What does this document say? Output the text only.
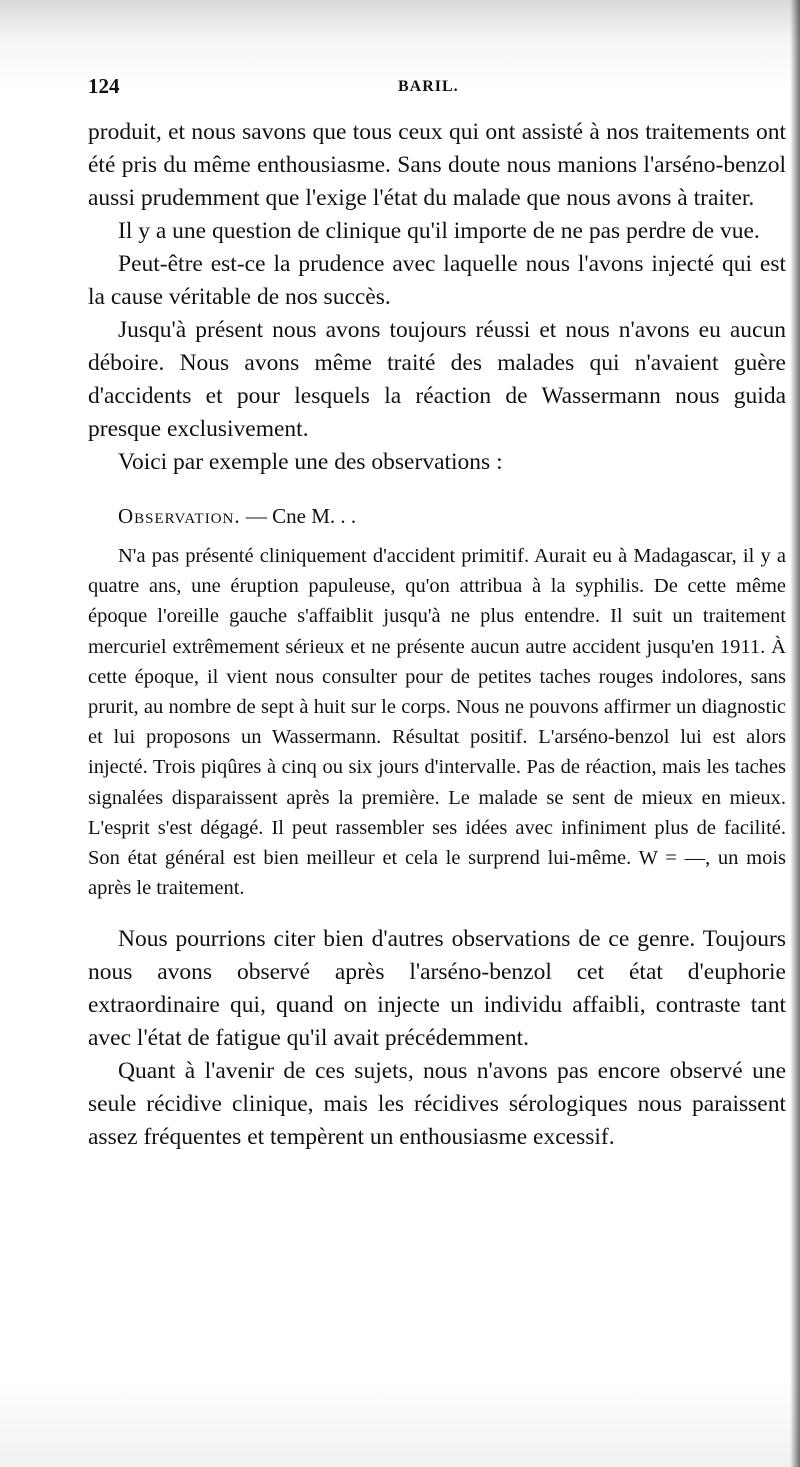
124	BARIL.

produit, et nous savons que tous ceux qui ont assisté à nos traitements ont été pris du même enthousiasme. Sans doute nous manions l'arséno-benzol aussi prudemment que l'exige l'état du malade que nous avons à traiter.

Il y a une question de clinique qu'il importe de ne pas perdre de vue.

Peut-être est-ce la prudence avec laquelle nous l'avons injecté qui est la cause véritable de nos succès.

Jusqu'à présent nous avons toujours réussi et nous n'avons eu aucun déboire. Nous avons même traité des malades qui n'avaient guère d'accidents et pour lesquels la réaction de Wassermann nous guida presque exclusivement.

Voici par exemple une des observations :

Observation. — Cne M. . .

N'a pas présenté cliniquement d'accident primitif. Aurait eu à Madagascar, il y a quatre ans, une éruption papuleuse, qu'on attribua à la syphilis. De cette même époque l'oreille gauche s'affaiblit jusqu'à ne plus entendre. Il suit un traitement mercuriel extrêmement sérieux et ne présente aucun autre accident jusqu'en 1911. À cette époque, il vient nous consulter pour de petites taches rouges indolores, sans prurit, au nombre de sept à huit sur le corps. Nous ne pouvons affirmer un diagnostic et lui proposons un Wassermann. Résultat positif. L'arséno-benzol lui est alors injecté. Trois piqûres à cinq ou six jours d'intervalle. Pas de réaction, mais les taches signalées disparaissent après la première. Le malade se sent de mieux en mieux. L'esprit s'est dégagé. Il peut rassembler ses idées avec infiniment plus de facilité. Son état général est bien meilleur et cela le surprend lui-même. W = —, un mois après le traitement.

Nous pourrions citer bien d'autres observations de ce genre. Toujours nous avons observé après l'arséno-benzol cet état d'euphorie extraordinaire qui, quand on injecte un individu affaibli, contraste tant avec l'état de fatigue qu'il avait précédemment.

Quant à l'avenir de ces sujets, nous n'avons pas encore observé une seule récidive clinique, mais les récidives sérologiques nous paraissent assez fréquentes et tempèrent un enthousiasme excessif.
